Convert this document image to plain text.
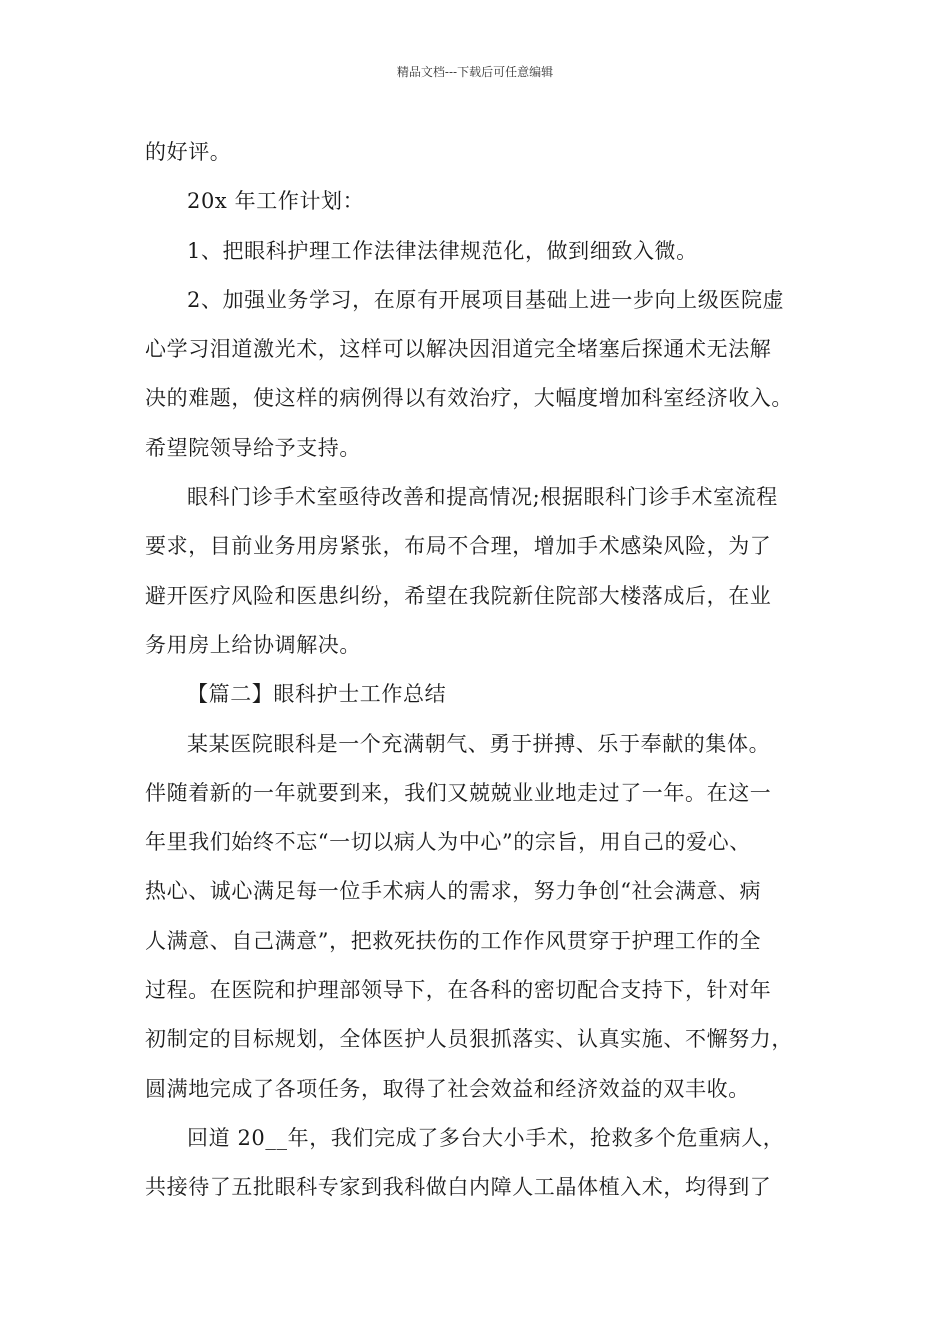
精品文档---下载后可任意编辑
的好评。
20x 年工作计划：
1、把眼科护理工作法律法律规范化，做到细致入微。
2、加强业务学习，在原有开展项目基础上进一步向上级医院虚
心学习泪道激光术，这样可以解决因泪道完全堵塞后探通术无法解
决的难题，使这样的病例得以有效治疗，大幅度增加科室经济收入。
希望院领导给予支持。
眼科门诊手术室亟待改善和提高情况;根据眼科门诊手术室流程
要求，目前业务用房紧张，布局不合理，增加手术感染风险，为了
避开医疗风险和医患纠纷，希望在我院新住院部大楼落成后，在业
务用房上给协调解决。
【篇二】眼科护士工作总结
某某医院眼科是一个充满朝气、勇于拼搏、乐于奉献的集体。
伴随着新的一年就要到来，我们又兢兢业业地走过了一年。在这一
年里我们始终不忘“一切以病人为中心”的宗旨，用自己的爱心、
热心、诚心满足每一位手术病人的需求，努力争创“社会满意、病
人满意、自己满意”，把救死扶伤的工作作风贯穿于护理工作的全
过程。在医院和护理部领导下，在各科的密切配合支持下，针对年
初制定的目标规划，全体医护人员狠抓落实、认真实施、不懈努力，
圆满地完成了各项任务，取得了社会效益和经济效益的双丰收。
回道 20__年，我们完成了多台大小手术，抢救多个危重病人，
共接待了五批眼科专家到我科做白内障人工晶体植入术，均得到了
